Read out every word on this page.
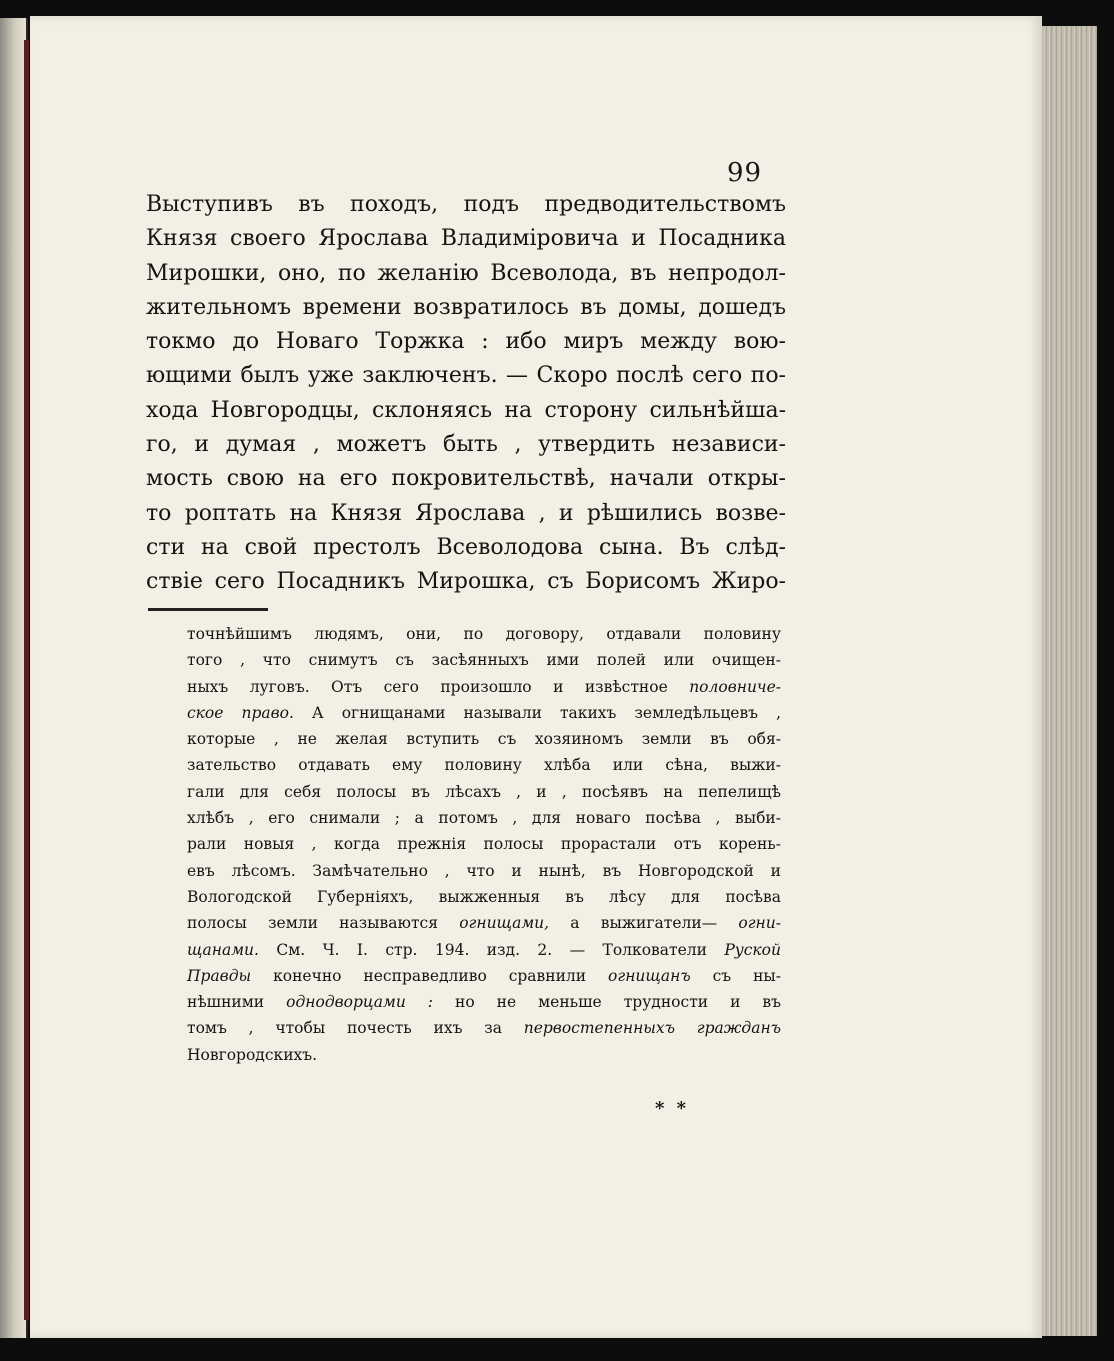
99
Выступивъ въ походъ, подъ предводительствомъ
Князя своего Ярослава Владиміровича и Посадника
Мирошки, оно, по желанію Всеволода, въ непродол-
жительномъ времени возвратилось въ домы, дошедъ
токмо до Новаго Торжка : ибо миръ между вою-
ющими былъ уже заключенъ. — Скоро послѣ сего по-
хода Новгородцы, склоняясь на сторону сильнѣйша-
го, и думая , можетъ быть , утвердить независи-
мость свою на его покровительствѣ, начали откры-
то роптать на Князя Ярослава , и рѣшились возве-
сти на свой престолъ Всеволодова сына. Въ слѣд-
ствіе сего Посадникъ Мирошка, съ Борисомъ Жиро-
точнѣйшимъ людямъ, они, по договору, отдавали половину
того , что снимутъ съ засѣянныхъ ими полей или очищен-
ныхъ луговъ. Отъ сего произошло и извѣстное половниче-
ское право. А огнищанами называли такихъ земледѣльцевъ ,
которые , не желая вступить съ хозяиномъ земли въ обя-
зательство отдавать ему половину хлѣба или сѣна, выжи-
гали для себя полосы въ лѣсахъ , и , посѣявъ на пепелищѣ
хлѣбъ , его снимали ; а потомъ , для новаго посѣва , выби-
рали новыя , когда прежнія полосы прорастали отъ корень-
евъ лѣсомъ. Замѣчательно , что и нынѣ, въ Новгородской и
Вологодской Губерніяхъ, выжженныя въ лѣсу для посѣва
полосы земли называются огнищами, а выжигатели— огни-
щанами. См. Ч. I. стр. 194. изд. 2. — Толкователи Руской
Правды конечно несправедливо сравнили огнищанъ съ ны-
нѣшними однодворцами : но не меньше трудности и въ
томъ , чтобы почесть ихъ за первостепенныхъ гражданъ
Новгородскихъ.
* *
